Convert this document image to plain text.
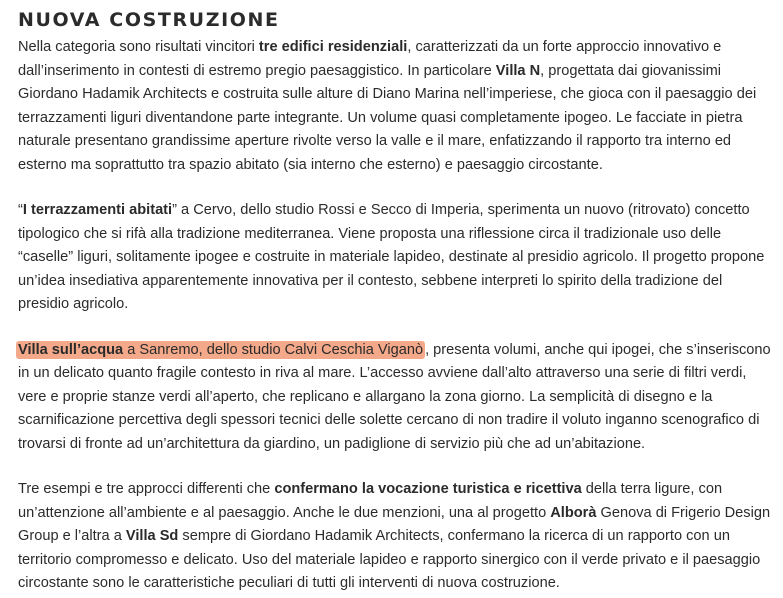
NUOVA COSTRUZIONE

Nella categoria sono risultati vincitori tre edifici residenziali, caratterizzati da un forte approccio innovativo e dall’inserimento in contesti di estremo pregio paesaggistico. In particolare Villa N, progettata dai giovanissimi Giordano Hadamik Architects e costruita sulle alture di Diano Marina nell’imperiese, che gioca con il paesaggio dei terrazzamenti liguri diventandone parte integrante. Un volume quasi completamente ipogeo. Le facciate in pietra naturale presentano grandissime aperture rivolte verso la valle e il mare, enfatizzando il rapporto tra interno ed esterno ma soprattutto tra spazio abitato (sia interno che esterno) e paesaggio circostante.

“I terrazzamenti abitati” a Cervo, dello studio Rossi e Secco di Imperia, sperimenta un nuovo (ritrovato) concetto tipologico che si rifà alla tradizione mediterranea. Viene proposta una riflessione circa il tradizionale uso delle “caselle” liguri, solitamente ipogee e costruite in materiale lapideo, destinate al presidio agricolo. Il progetto propone un’idea insediativa apparentemente innovativa per il contesto, sebbene interpreti lo spirito della tradizione del presidio agricolo.

Villa sull’acqua a Sanremo, dello studio Calvi Ceschia Viganò , presenta volumi, anche qui ipogei, che s’inseriscono in un delicato quanto fragile contesto in riva al mare. L’accesso avviene dall’alto attraverso una serie di filtri verdi, vere e proprie stanze verdi all’aperto, che replicano e allargano la zona giorno. La semplicità di disegno e la scarnificazione percettiva degli spessori tecnici delle solette cercano di non tradire il voluto inganno scenografico di trovarsi di fronte ad un’architettura da giardino, un padiglione di servizio più che ad un’abitazione.

Tre esempi e tre approcci differenti che confermano la vocazione turistica e ricettiva della terra ligure, con un’attenzione all’ambiente e al paesaggio. Anche le due menzioni, una al progetto Alborà Genova di Frigerio Design Group e l’altra a Villa Sd sempre di Giordano Hadamik Architects, confermano la ricerca di un rapporto con un territorio compromesso e delicato. Uso del materiale lapideo e rapporto sinergico con il verde privato e il paesaggio circostante sono le caratteristiche peculiari di tutti gli interventi di nuova costruzione.
